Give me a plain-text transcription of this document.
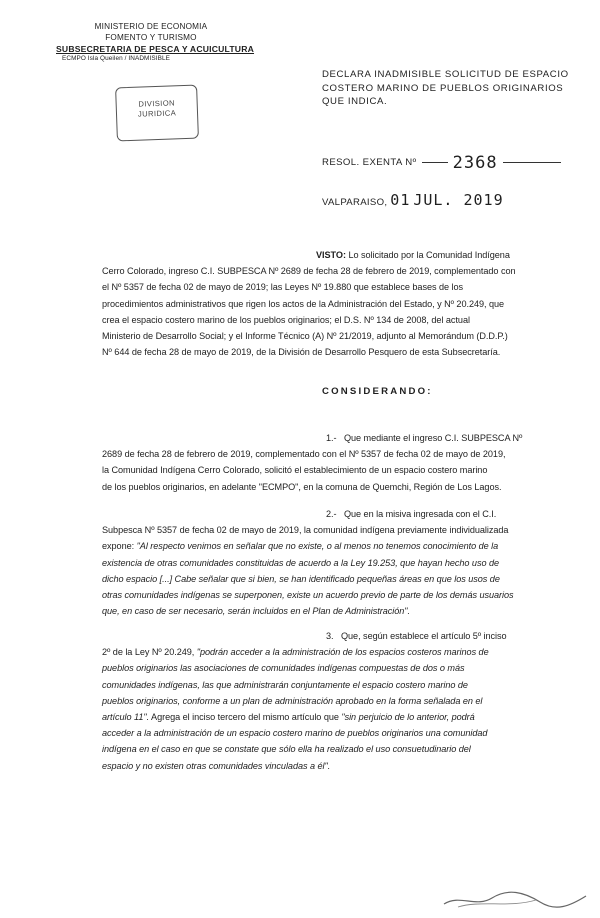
MINISTERIO DE ECONOMIA
FOMENTO Y TURISMO
SUBSECRETARIA DE PESCA Y ACUICULTURA
ECMPO Isla Queilen / INADMISIBLE
DIVISION
JURIDICA
DECLARA INADMISIBLE SOLICITUD DE ESPACIO
COSTERO MARINO DE PUEBLOS ORIGINARIOS
QUE INDICA.
RESOL. EXENTA Nº 2368
VALPARAISO, 01 JUL. 2019
VISTO: Lo solicitado por la Comunidad Indígena
Cerro Colorado, ingreso C.I. SUBPESCA Nº 2689 de fecha 28 de febrero de 2019, complementado con
el Nº 5357 de fecha 02 de mayo de 2019; las Leyes Nº 19.880 que establece bases de los
procedimientos administrativos que rigen los actos de la Administración del Estado, y Nº 20.249, que
crea el espacio costero marino de los pueblos originarios; el D.S. Nº 134 de 2008, del actual
Ministerio de Desarrollo Social; y el Informe Técnico (A) Nº 21/2019, adjunto al Memorándum (D.D.P.)
Nº 644 de fecha 28 de mayo de 2019, de la División de Desarrollo Pesquero de esta Subsecretaría.
CONSIDERANDO:
1.- Que mediante el ingreso C.I. SUBPESCA Nº
2689 de fecha 28 de febrero de 2019, complementado con el Nº 5357 de fecha 02 de mayo de 2019,
la Comunidad Indígena Cerro Colorado, solicitó el establecimiento de un espacio costero marino
de los pueblos originarios, en adelante "ECMPO", en la comuna de Quemchi, Región de Los Lagos.
2.- Que en la misiva ingresada con el C.I.
Subpesca Nº 5357 de fecha 02 de mayo de 2019, la comunidad indígena previamente individualizada
expone: "Al respecto venimos en señalar que no existe, o al menos no tenemos conocimiento de la
existencia de otras comunidades constituidas de acuerdo a la Ley 19.253, que hayan hecho uso de
dicho espacio [...] Cabe señalar que si bien, se han identificado pequeñas áreas en que los usos de
otras comunidades indígenas se superponen, existe un acuerdo previo de parte de los demás usuarios
que, en caso de ser necesario, serán incluidos en el Plan de Administración".
3. Que, según establece el artículo 5º inciso
2º de la Ley Nº 20.249, "podrán acceder a la administración de los espacios costeros marinos de
pueblos originarios las asociaciones de comunidades indígenas compuestas de dos o más
comunidades indígenas, las que administrarán conjuntamente el espacio costero marino de
pueblos originarios, conforme a un plan de administración aprobado en la forma señalada en el
artículo 11". Agrega el inciso tercero del mismo artículo que "sin perjuicio de lo anterior, podrá
acceder a la administración de un espacio costero marino de pueblos originarios una comunidad
indígena en el caso en que se constate que sólo ella ha realizado el uso consuetudinario del
espacio y no existen otras comunidades vinculadas a él".
